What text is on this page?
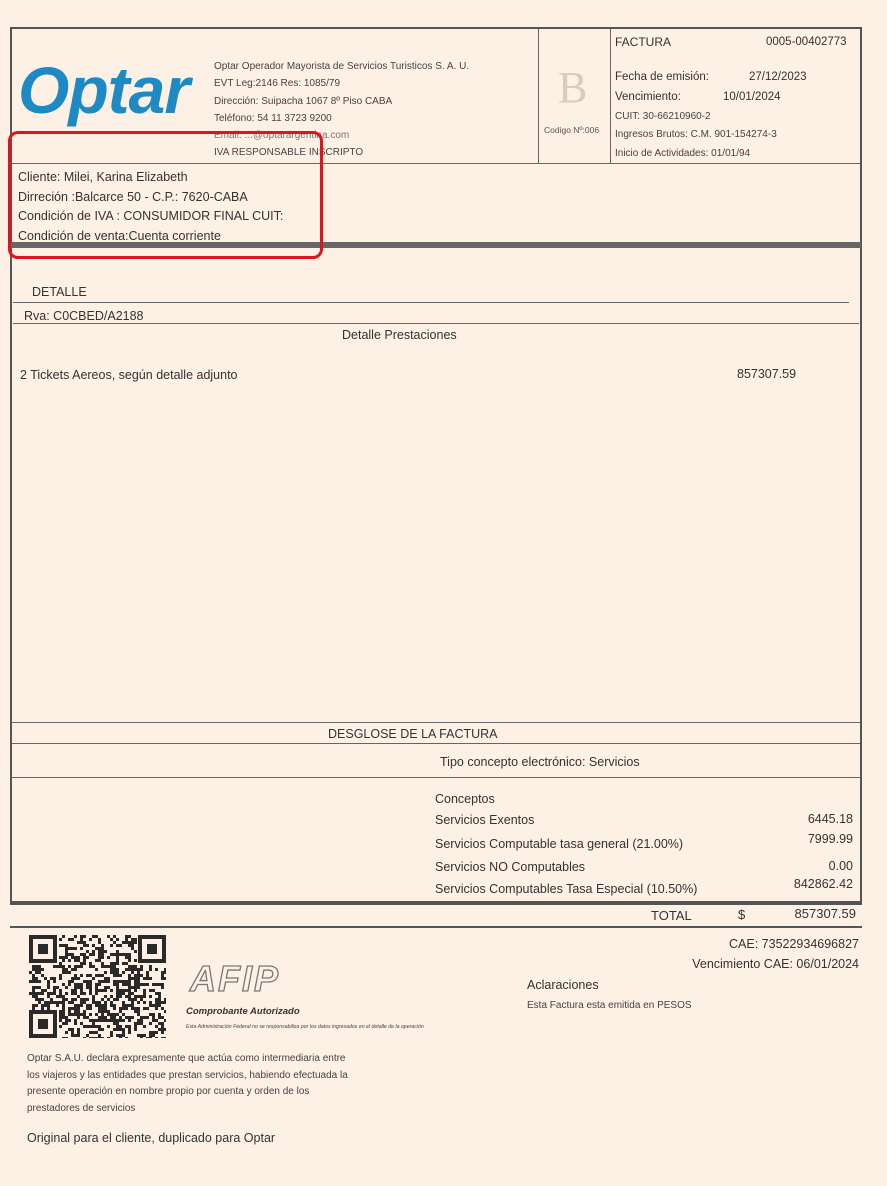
Optar Optar Operador Mayorista de Servicios Turisticos S. A. U.
EVT Leg:2146 Res: 1085/79
Dirección: Suipacha 1067 8º Piso CABA
Teléfono: 54 11 3723 9200
Email: ...@optarargentina.com
IVA RESPONSABLE INSCRIPTO
B
Codigo Nº:006
FACTURA	0005-00402773
Fecha de emisión:	27/12/2023
Vencimiento:	10/01/2024
CUIT: 30-66210960-2
Ingresos Brutos: C.M. 901-154274-3
Inicio de Actividades: 01/01/94
Cliente: Milei, Karina Elizabeth
Dirreción :Balcarce 50 - C.P.: 7620-CABA
Condición de IVA : CONSUMIDOR FINAL CUIT:
Condición de venta:Cuenta corriente
DETALLE
Rva: C0CBED/A2188
Detalle Prestaciones
2 Tickets Aereos, según detalle adjunto	857307.59
DESGLOSE DE LA FACTURA
Tipo concepto electrónico: Servicios
Conceptos
Servicios Exentos	6445.18
Servicios Computable tasa general (21.00%)	7999.99
Servicios NO Computables	0.00
Servicios Computables Tasa Especial (10.50%)	842862.42
TOTAL	$	857307.59
CAE: 73522934696827
Vencimiento CAE: 06/01/2024
AFIP
Comprobante Autorizado
Esta Administración Federal no se responsabiliza por los datos ingresados en el detalle de la operación
Aclaraciones
Esta Factura esta emitida en PESOS
Optar S.A.U. declara expresamente que actúa como intermediaria entre
los viajeros y las entidades que prestan servicios, habiendo efectuada la
presente operación en nombre propio por cuenta y orden de los
prestadores de servicios
Original para el cliente, duplicado para Optar
